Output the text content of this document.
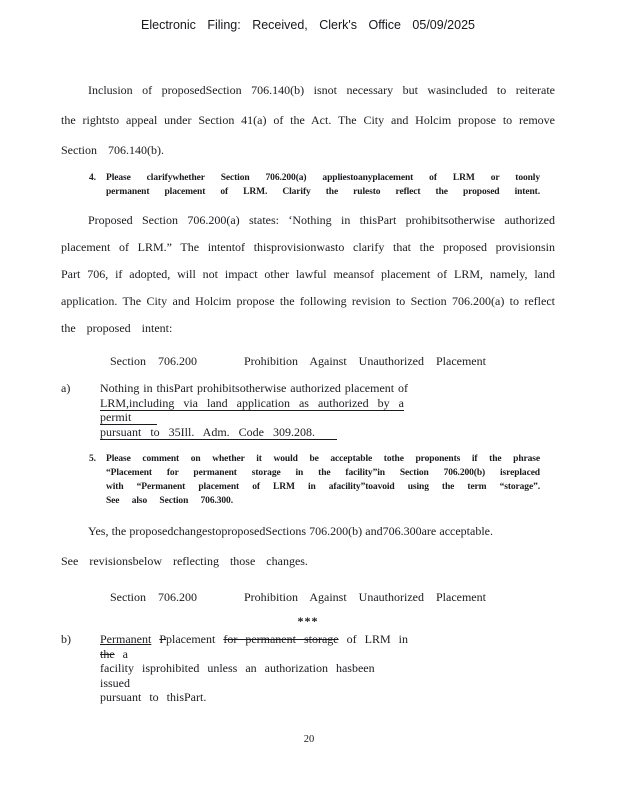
Electronic Filing: Received, Clerk's Office 05/09/2025
Inclusion of proposedSection 706.140(b) isnot necessary but wasincluded to reiterate
the rightsto appeal under Section 41(a) of the Act. The City and Holcim propose to remove
Section 706.140(b).
4.	Please clarifywhether Section 706.200(a) appliestoanyplacement of LRM or toonly
permanent placement of LRM. Clarify the rulesto reflect the proposed intent.
Proposed Section 706.200(a) states: ‘Nothing in thisPart prohibitsotherwise authorized
placement of LRM.” The intentof thisprovisionwasto clarify that the proposed provisionsin
Part 706, if adopted, will not impact other lawful meansof placement of LRM, namely, land
application. The City and Holcim propose the following revision to Section 706.200(a) to reflect
the proposed intent:
Section 706.200	Prohibition Against Unauthorized Placement
a)	Nothing in thisPart prohibitsotherwise authorized placement of
LRM,including via land application as authorized by a permit
pursuant to 35Ill. Adm. Code 309.208.
5.	Please comment on whether it would be acceptable tothe proponents if the phrase
“Placement for permanent storage in the facility”in Section 706.200(b) isreplaced
with “Permanent placement of LRM in afacility”toavoid using the term “storage”.
See also Section 706.300.
Yes, the proposedchangestoproposedSections 706.200(b) and706.300are acceptable.
See revisionsbelow reflecting those changes.
Section 706.200	Prohibition Against Unauthorized Placement
***
b)	Permanent Pplacement for permanent storage of LRM in the a
facility isprohibited unless an authorization hasbeen issued
pursuant to thisPart.
20
